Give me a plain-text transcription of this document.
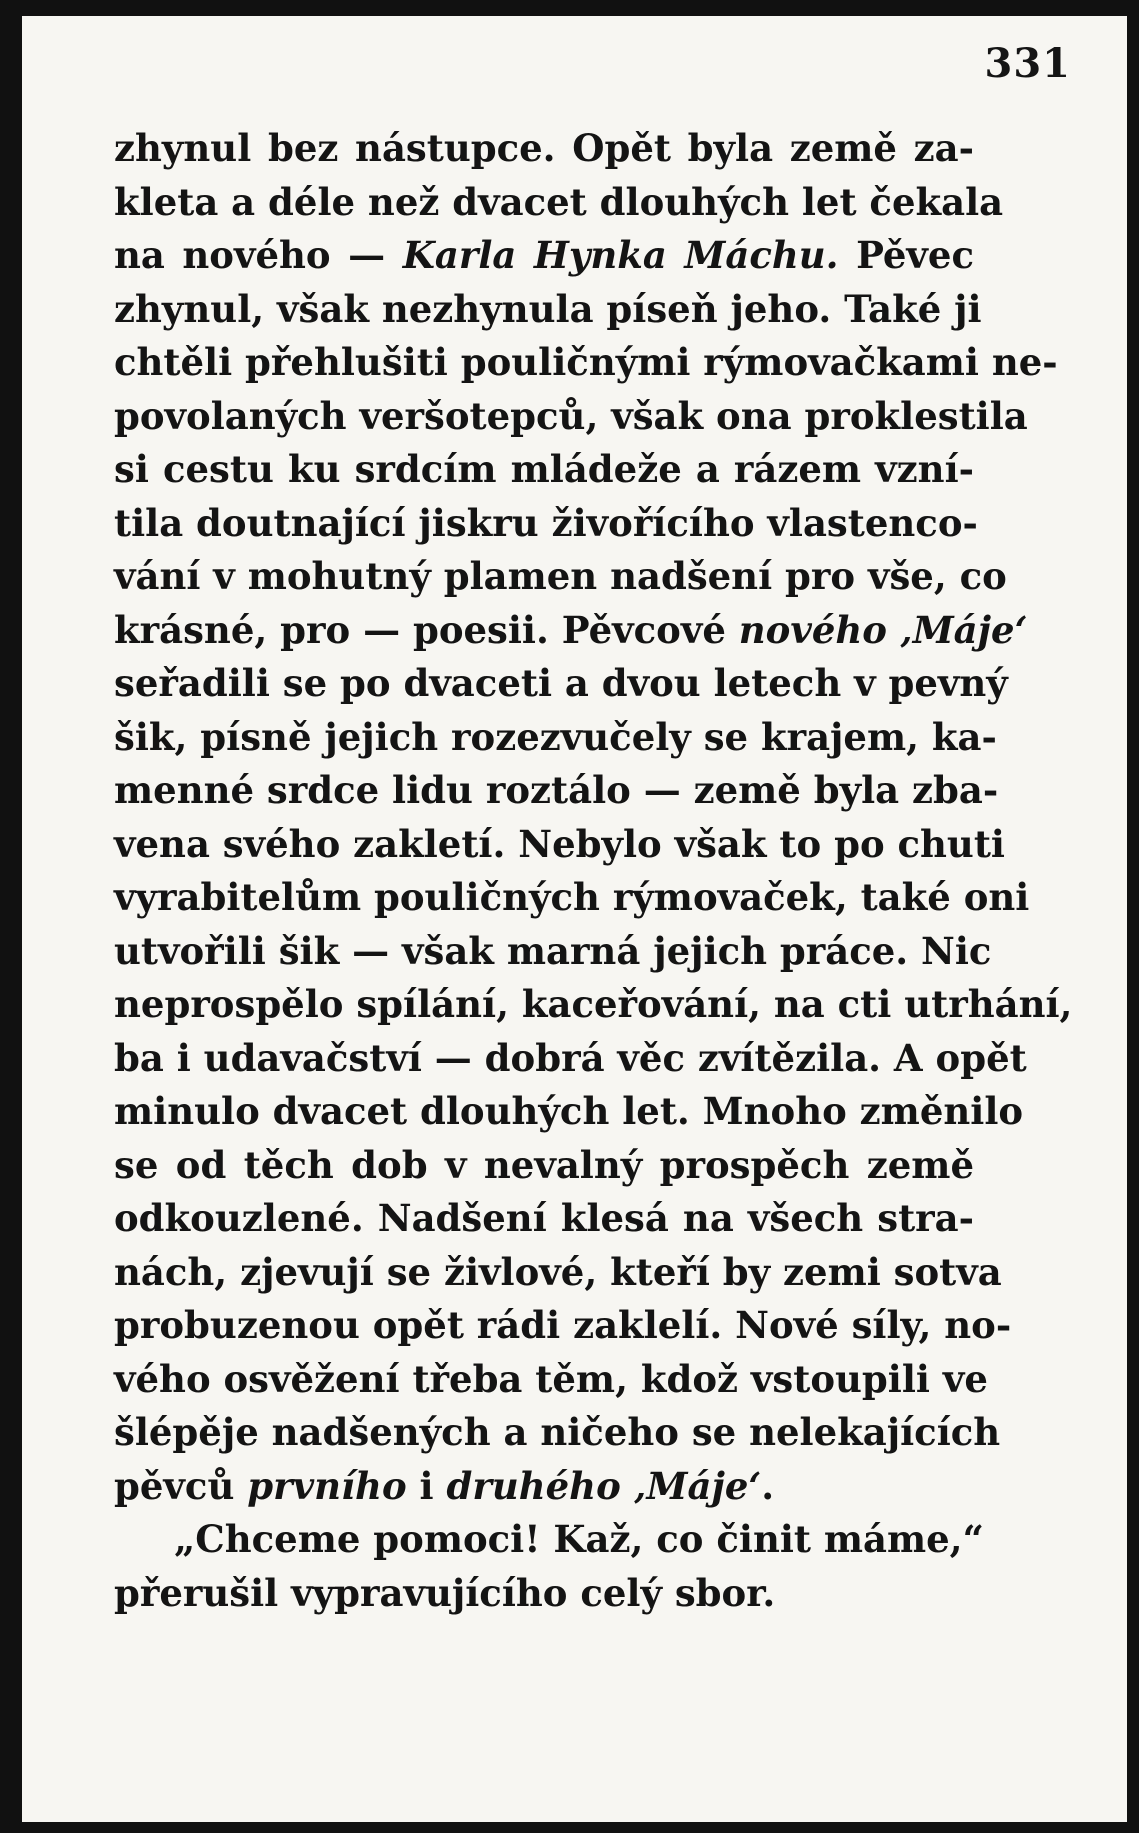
331
zhynul bez nástupce. Opět byla země za-
kleta a déle než dvacet dlouhých let čekala
na nového — Karla Hynka Máchu. Pěvec
zhynul, však nezhynula píseň jeho. Také ji
chtěli přehlušiti pouličnými rýmovačkami ne-
povolaných veršotepců, však ona proklestila
si cestu ku srdcím mládeže a rázem vzní-
tila doutnající jiskru živořícího vlastenco-
vání v mohutný plamen nadšení pro vše, co
krásné, pro — poesii. Pěvcové nového ‚Máje‘
seřadili se po dvaceti a dvou letech v pevný
šik, písně jejich rozezvučely se krajem, ka-
menné srdce lidu roztálo — země byla zba-
vena svého zakletí. Nebylo však to po chuti
vyrabitelům pouličných rýmovaček, také oni
utvořili šik — však marná jejich práce. Nic
neprospělo spílání, kaceřování, na cti utrhání,
ba i udavačství — dobrá věc zvítězila. A opět
minulo dvacet dlouhých let. Mnoho změnilo
se od těch dob v nevalný prospěch země
odkouzlené. Nadšení klesá na všech stra-
nách, zjevují se živlové, kteří by zemi sotva
probuzenou opět rádi zaklelí. Nové síly, no-
vého osvěžení třeba těm, kdož vstoupili ve
šlépěje nadšených a ničeho se nelekajících
pěvců prvního i druhého ‚Máje‘.
„Chceme pomoci! Kaž, co činit máme,“
přerušil vypravujícího celý sbor.
